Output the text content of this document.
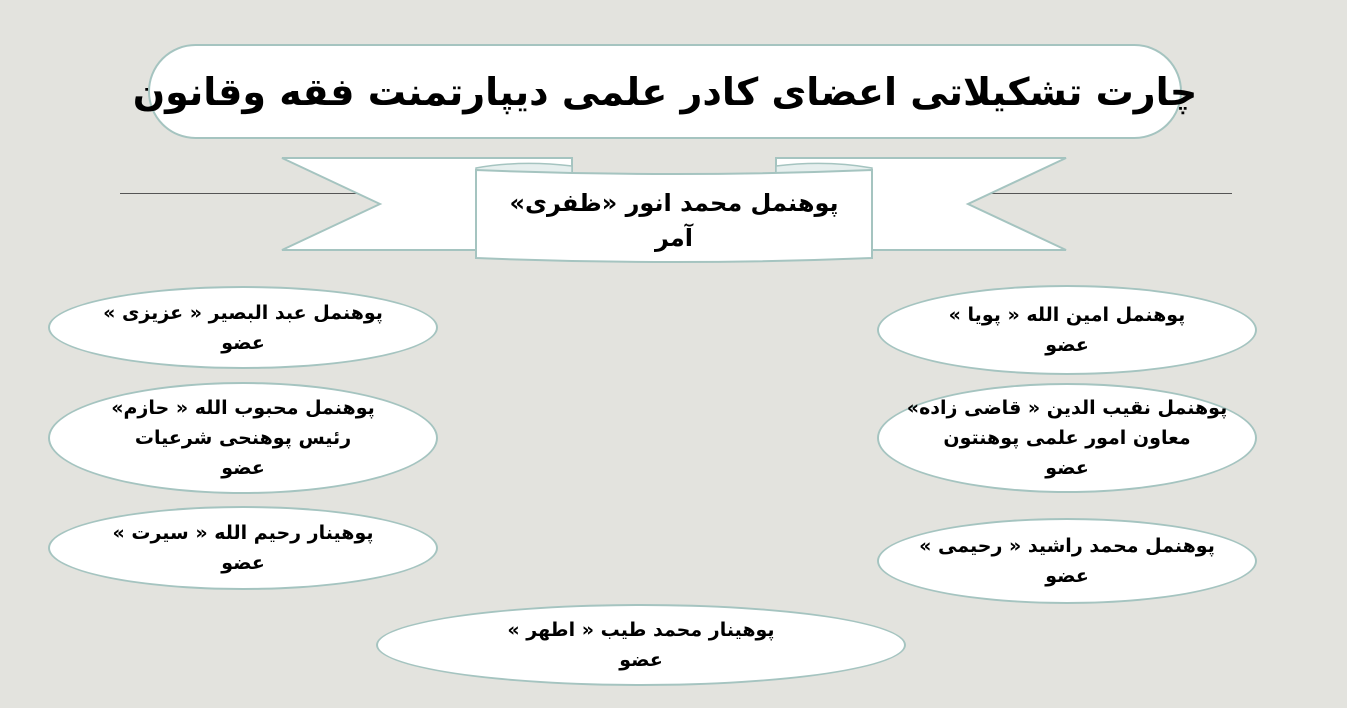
چارت تشکیلاتی اعضای کادر علمی دیپارتمنت فقه وقانون
پوهنمل محمد انور «ظفری»
آمر
پوهنمل امین الله « پویا »
عضو
پوهنمل نقیب الدین « قاضی زاده»
معاون امور علمی پوهنتون
عضو
پوهنمل محمد راشید « رحیمی »
عضو
پوهنمل عبد البصیر « عزیزی »
عضو
پوهنمل محبوب الله « حازم»
رئیس پوهنحی شرعیات
عضو
پوهینار رحیم الله « سیرت »
عضو
پوهینار محمد طیب « اطهر »
عضو
